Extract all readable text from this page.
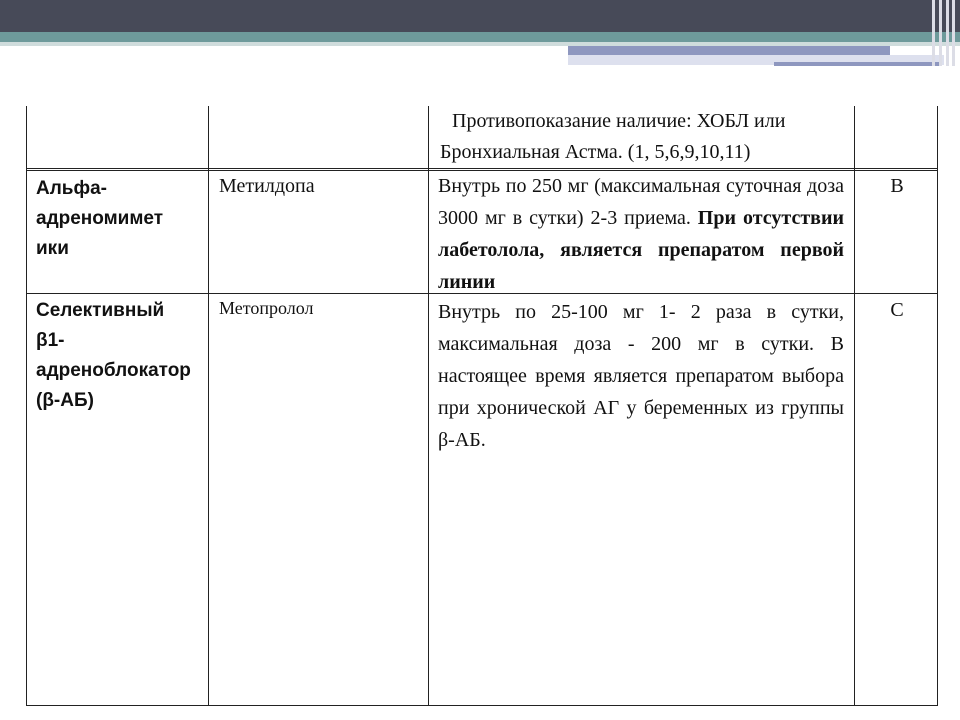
Противопоказание наличие: ХОБЛ или
Бронхиальная Астма. (1, 5,6,9,10,11)
Альфа-
адреномимет
ики
Метилдопа	Внутрь по 250 мг (максимальная суточная доза 3000 мг в сутки) 2-3 приема. При отсутствии лабетолола, является препаратом первой линии
B
Селективный
β1-
адреноблокатор
(β-АБ)
Метопролол	Внутрь по 25-100 мг 1- 2 раза в сутки, максимальная доза - 200 мг в сутки. В настоящее время является препаратом выбора при хронической АГ у беременных из группы β-АБ.
C
